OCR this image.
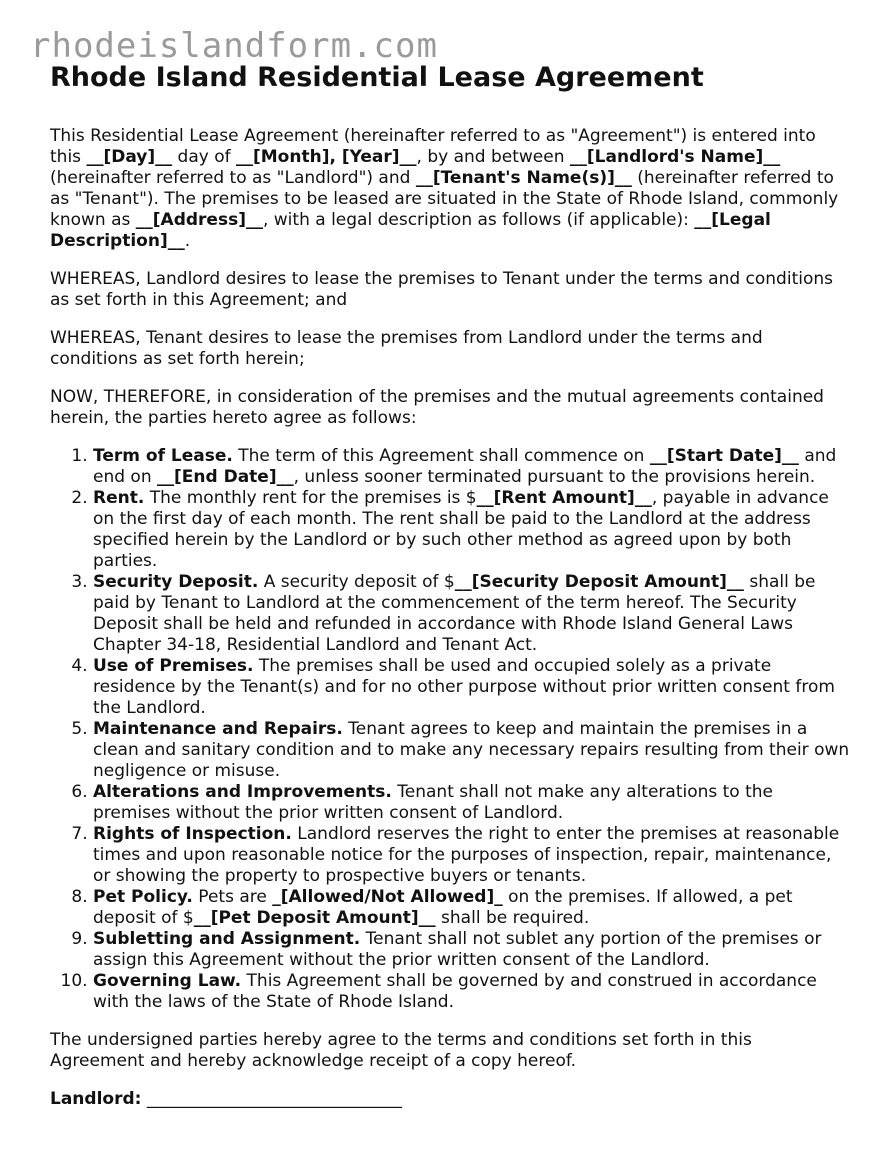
rhodeislandform.com
Rhode Island Residential Lease Agreement

This Residential Lease Agreement (hereinafter referred to as "Agreement") is entered into this __[Day]__ day of __[Month], [Year]__, by and between __[Landlord's Name]__ (hereinafter referred to as "Landlord") and __[Tenant's Name(s)]__ (hereinafter referred to as "Tenant"). The premises to be leased are situated in the State of Rhode Island, commonly known as __[Address]__, with a legal description as follows (if applicable): __[Legal Description]__.

WHEREAS, Landlord desires to lease the premises to Tenant under the terms and conditions as set forth in this Agreement; and

WHEREAS, Tenant desires to lease the premises from Landlord under the terms and conditions as set forth herein;

NOW, THEREFORE, in consideration of the premises and the mutual agreements contained herein, the parties hereto agree as follows:

1. Term of Lease. The term of this Agreement shall commence on __[Start Date]__ and end on __[End Date]__, unless sooner terminated pursuant to the provisions herein.
2. Rent. The monthly rent for the premises is $__[Rent Amount]__, payable in advance on the first day of each month. The rent shall be paid to the Landlord at the address specified herein by the Landlord or by such other method as agreed upon by both parties.
3. Security Deposit. A security deposit of $__[Security Deposit Amount]__ shall be paid by Tenant to Landlord at the commencement of the term hereof. The Security Deposit shall be held and refunded in accordance with Rhode Island General Laws Chapter 34-18, Residential Landlord and Tenant Act.
4. Use of Premises. The premises shall be used and occupied solely as a private residence by the Tenant(s) and for no other purpose without prior written consent from the Landlord.
5. Maintenance and Repairs. Tenant agrees to keep and maintain the premises in a clean and sanitary condition and to make any necessary repairs resulting from their own negligence or misuse.
6. Alterations and Improvements. Tenant shall not make any alterations to the premises without the prior written consent of Landlord.
7. Rights of Inspection. Landlord reserves the right to enter the premises at reasonable times and upon reasonable notice for the purposes of inspection, repair, maintenance, or showing the property to prospective buyers or tenants.
8. Pet Policy. Pets are _[Allowed/Not Allowed]_ on the premises. If allowed, a pet deposit of $__[Pet Deposit Amount]__ shall be required.
9. Subletting and Assignment. Tenant shall not sublet any portion of the premises or assign this Agreement without the prior written consent of the Landlord.
10. Governing Law. This Agreement shall be governed by and construed in accordance with the laws of the State of Rhode Island.

The undersigned parties hereby agree to the terms and conditions set forth in this Agreement and hereby acknowledge receipt of a copy hereof.

Landlord: ______________________________
